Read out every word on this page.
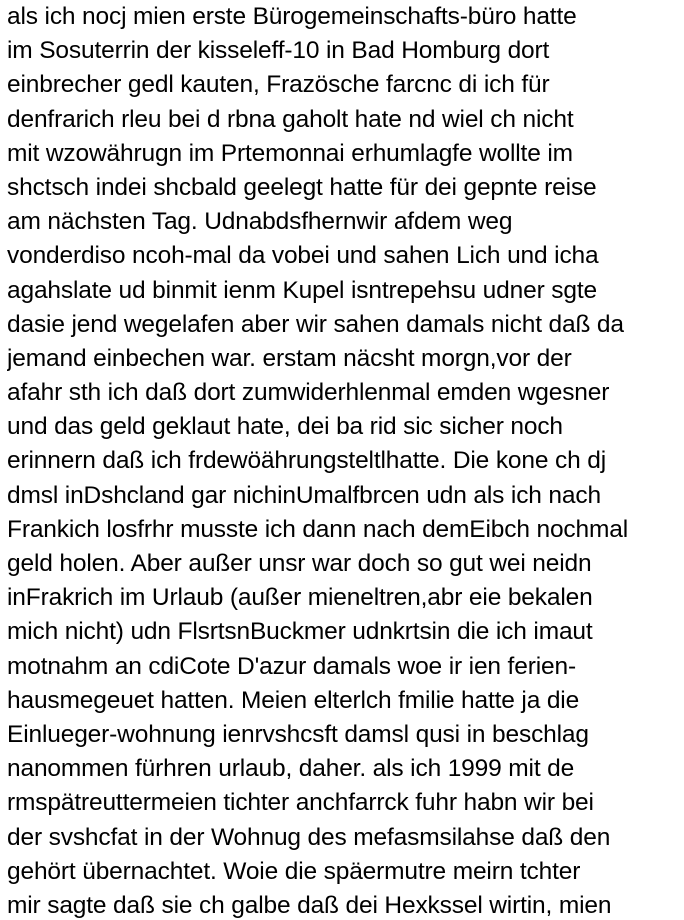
als ich nocj mien erste Bürogemeinschafts-büro hatte
im Sosuterrin der kisseleff-10 in Bad Homburg dort
einbrecher gedl kauten, Frazösche farcnc di ich für
denfrarich rleu bei d rbna gaholt hate nd wiel ch nicht
mit wzowährugn im Prtemonnai erhumlagfe wollte im
shctsch indei shcbald geelegt hatte für dei gepnte reise
am nächsten Tag. Udnabdsfhernwir afdem weg
vonderdiso ncoh-mal da vobei und sahen Lich und icha
agahslate ud binmit ienm Kupel isntrepehsu udner sgte
dasie jend wegelafen aber wir sahen damals nicht daß da
jemand einbechen war. erstam näcsht morgn,vor der
afahr sth ich daß dort zumwiderhlenmal emden wgesner
und das geld geklaut hate, dei ba rid sic sicher noch
erinnern daß ich frdewöährungsteltlhatte. Die kone ch dj
dmsl inDshcland gar nichinUmalfbrcen udn als ich nach
Frankich losfrhr musste ich dann nach demEibch nochmal
geld holen. Aber außer unsr war doch so gut wei neidn
inFrakrich im Urlaub (außer mieneltren,abr eie bekalen
mich nicht) udn FlsrtsnBuckmer udnkrtsin die ich imaut
motnahm an cdiCote D'azur damals woe ir ien ferien-
hausmegeuet hatten. Meien elterlch fmilie hatte ja die
Einlueger-wohnung ienrvshcsft damsl qusi in beschlag
nanommen fürhren urlaub, daher. als ich 1999 mit de
rmspätreuttermeien tichter anchfarrck fuhr habn wir bei
der svshcfat in der Wohnug des mefasmsilahse daß den
gehört übernachtet. Woie die späermutre meirn tchter
mir sagte daß sie ch galbe daß dei Hexkssel wirtin, mien
